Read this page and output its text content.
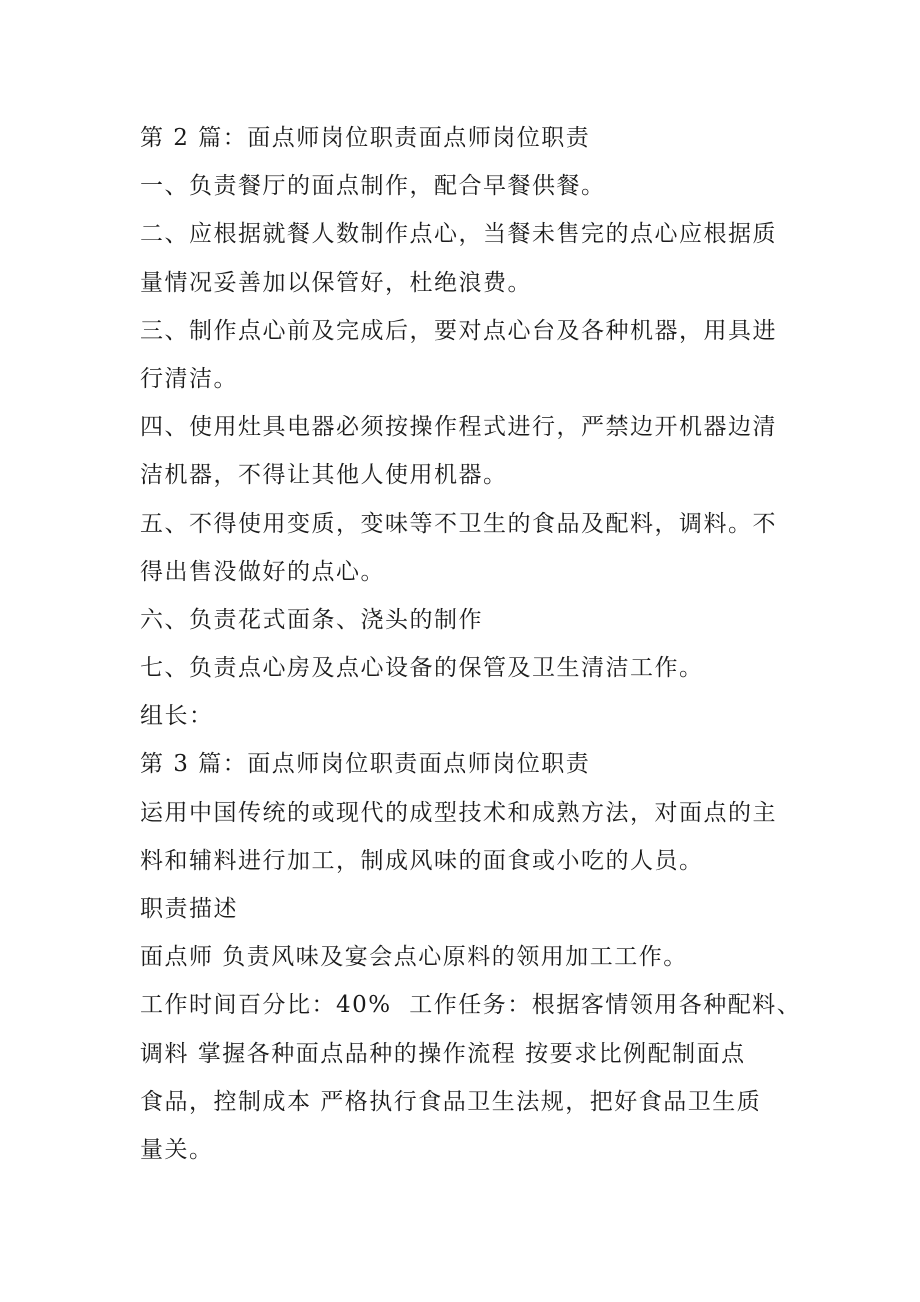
第 2 篇：面点师岗位职责面点师岗位职责
一、负责餐厅的面点制作，配合早餐供餐。
二、应根据就餐人数制作点心，当餐未售完的点心应根据质
量情况妥善加以保管好，杜绝浪费。
三、制作点心前及完成后，要对点心台及各种机器，用具进
行清洁。
四、使用灶具电器必须按操作程式进行，严禁边开机器边清
洁机器，不得让其他人使用机器。
五、不得使用变质，变味等不卫生的食品及配料，调料。不
得出售没做好的点心。
六、负责花式面条、浇头的制作
七、负责点心房及点心设备的保管及卫生清洁工作。
组长：
第 3 篇：面点师岗位职责面点师岗位职责
运用中国传统的或现代的成型技术和成熟方法，对面点的主
料和辅料进行加工，制成风味的面食或小吃的人员。
职责描述
面点师 负责风味及宴会点心原料的领用加工工作。
工作时间百分比：40%  工作任务：根据客情领用各种配料、
调料 掌握各种面点品种的操作流程 按要求比例配制面点
食品，控制成本 严格执行食品卫生法规，把好食品卫生质
量关。
